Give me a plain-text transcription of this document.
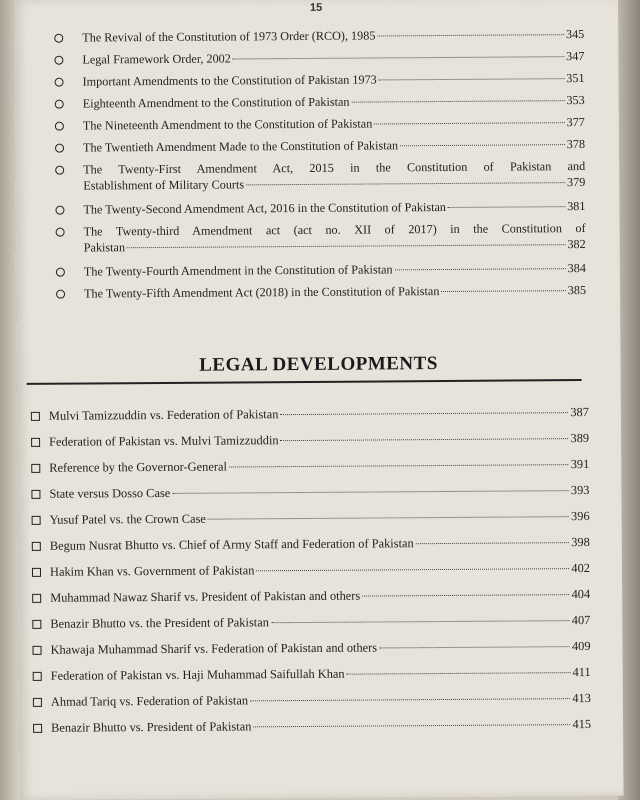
15
The Revival of the Constitution of 1973 Order (RCO), 1985	345
Legal Framework Order, 2002	347
Important Amendments to the Constitution of Pakistan 1973	351
Eighteenth Amendment to the Constitution of Pakistan	353
The Nineteenth Amendment to the Constitution of Pakistan	377
The Twentieth Amendment Made to the Constitution of Pakistan	378
The Twenty-First Amendment Act, 2015 in the Constitution of Pakistan and
Establishment of Military Courts	379
The Twenty-Second Amendment Act, 2016 in the Constitution of Pakistan	381
The Twenty-third Amendment act (act no. XII of 2017) in the Constitution of
Pakistan	382
The Twenty-Fourth Amendment in the Constitution of Pakistan	384
The Twenty-Fifth Amendment Act (2018) in the Constitution of Pakistan	385
LEGAL DEVELOPMENTS
Mulvi Tamizzuddin vs. Federation of Pakistan	387
Federation of Pakistan vs. Mulvi Tamizzuddin	389
Reference by the Governor-General	391
State versus Dosso Case	393
Yusuf Patel vs. the Crown Case	396
Begum Nusrat Bhutto vs. Chief of Army Staff and Federation of Pakistan	398
Hakim Khan vs. Government of Pakistan	402
Muhammad Nawaz Sharif vs. President of Pakistan and others	404
Benazir Bhutto vs. the President of Pakistan	407
Khawaja Muhammad Sharif vs. Federation of Pakistan and others	409
Federation of Pakistan vs. Haji Muhammad Saifullah Khan	411
Ahmad Tariq vs. Federation of Pakistan	413
Benazir Bhutto vs. President of Pakistan	415
